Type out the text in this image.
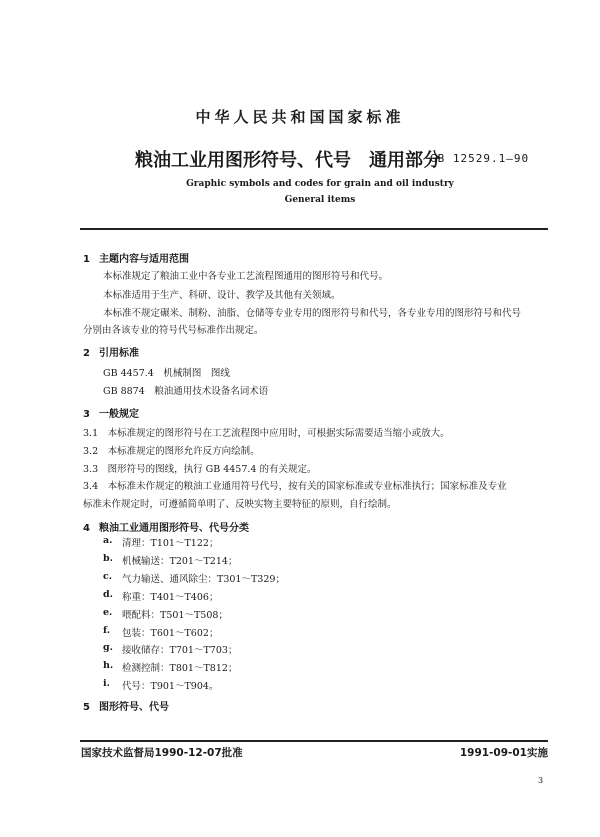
中华人民共和国国家标准
粮油工业用图形符号、代号　通用部分
GB 12529.1—90
Graphic symbols and codes for grain and oil industry
General items
1 主题内容与适用范围
本标准规定了粮油工业中各专业工艺流程图通用的图形符号和代号。
本标准适用于生产、科研、设计、教学及其他有关领域。
本标准不规定碾米、制粉、油脂、仓储等专业专用的图形符号和代号，各专业专用的图形符号和代号
分别由各该专业的符号代号标准作出规定。
2 引用标准
GB 4457.4　机械制图　图线
GB 8874　粮油通用技术设备名词术语
3 一般规定
3.1　本标准规定的图形符号在工艺流程图中应用时，可根据实际需要适当缩小或放大。
3.2　本标准规定的图形允许反方向绘制。
3.3　图形符号的图线，执行 GB 4457.4 的有关规定。
3.4　本标准未作规定的粮油工业通用符号代号，按有关的国家标准或专业标准执行；国家标准及专业
标准未作规定时，可遵循简单明了、反映实物主要特征的原则，自行绘制。
4 粮油工业通用图形符号、代号分类
a. 清理：T101～T122；
b. 机械输送：T201～T214；
c. 气力输送、通风除尘：T301～T329；
d. 称重：T401～T406；
e. 喂配料：T501～T508；
f. 包装：T601～T602；
g. 接收储存：T701～T703；
h. 检测控制：T801～T812；
i. 代号：T901～T904。
5 图形符号、代号
国家技术监督局1990-12-07批准	1991-09-01实施
3
